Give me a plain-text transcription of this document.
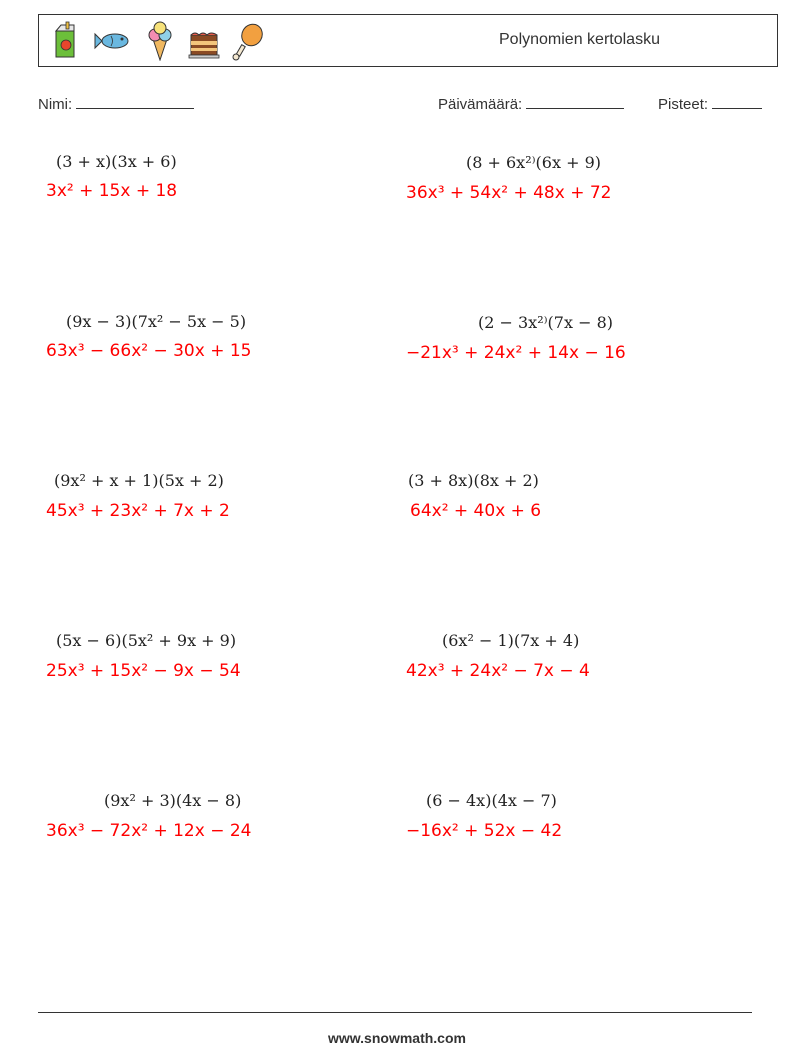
Polynomien kertolasku
Nimi:	Päivämäärä:	Pisteet:
(3 + x)(3x + 6)
3x² + 15x + 18
(9x − 3)(7x² − 5x − 5)
63x³ − 66x² − 30x + 15
(9x² + x + 1)(5x + 2)
45x³ + 23x² + 7x + 2
(5x − 6)(5x² + 9x + 9)
25x³ + 15x² − 9x − 54
(9x² + 3)(4x − 8)
36x³ − 72x² + 12x − 24
(8 + 6x²⁾(6x + 9)
36x³ + 54x² + 48x + 72
(2 − 3x²⁾(7x − 8)
−21x³ + 24x² + 14x − 16
(3 + 8x)(8x + 2)
64x² + 40x + 6
(6x² − 1)(7x + 4)
42x³ + 24x² − 7x − 4
(6 − 4x)(4x − 7)
−16x² + 52x − 42
www.snowmath.com
